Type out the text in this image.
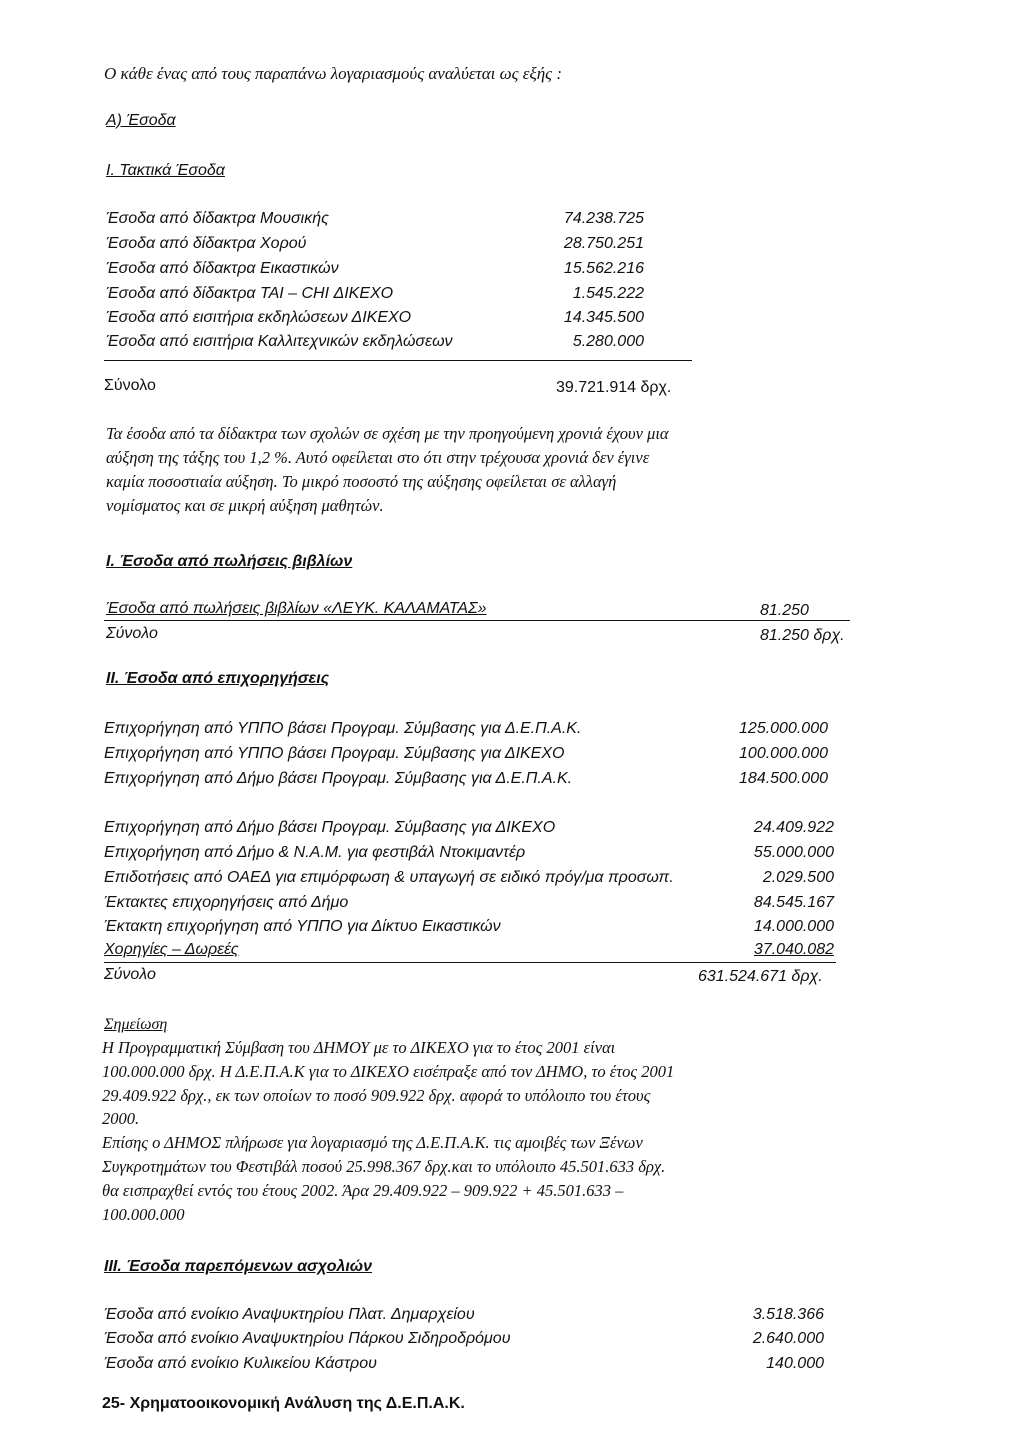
Ο κάθε ένας από τους παραπάνω λογαριασμούς αναλύεται ως εξής :
Α) Έσοδα
Ι. Τακτικά Έσοδα
Έσοδα από δίδακτρα Μουσικής	74.238.725
Έσοδα από δίδακτρα Χορού	28.750.251
Έσοδα από δίδακτρα Εικαστικών	15.562.216
Έσοδα από δίδακτρα ΤΑΙ – CHI ΔΙΚΕΧΟ	1.545.222
Έσοδα από εισιτήρια εκδηλώσεων ΔΙΚΕΧΟ	14.345.500
Έσοδα από εισιτήρια Καλλιτεχνικών εκδηλώσεων	5.280.000
Σύνολο	39.721.914 δρχ.
Τα έσοδα από τα δίδακτρα των σχολών σε σχέση με την προηγούμενη χρονιά έχουν μια
αύξηση της τάξης του 1,2 %. Αυτό οφείλεται στο ότι στην τρέχουσα χρονιά δεν έγινε
καμία ποσοστιαία αύξηση. Το μικρό ποσοστό της αύξησης οφείλεται σε αλλαγή
νομίσματος και σε μικρή αύξηση μαθητών.
Ι. Έσοδα από πωλήσεις βιβλίων
Έσοδα από πωλήσεις βιβλίων «ΛΕΥΚ. ΚΑΛΑΜΑΤΑΣ»	81.250
Σύνολο	81.250 δρχ.
ΙΙ. Έσοδα από επιχορηγήσεις
Επιχορήγηση από ΥΠΠΟ βάσει Προγραμ. Σύμβασης για Δ.Ε.Π.Α.Κ.	125.000.000
Επιχορήγηση από ΥΠΠΟ βάσει Προγραμ. Σύμβασης για ΔΙΚΕΧΟ	100.000.000
Επιχορήγηση από Δήμο βάσει Προγραμ. Σύμβασης για Δ.Ε.Π.Α.Κ.	184.500.000
Επιχορήγηση από Δήμο βάσει Προγραμ. Σύμβασης για ΔΙΚΕΧΟ	24.409.922
Επιχορήγηση από Δήμο & Ν.Α.Μ. για φεστιβάλ Ντοκιμαντέρ	55.000.000
Επιδοτήσεις από ΟΑΕΔ για επιμόρφωση & υπαγωγή σε ειδικό πρόγ/μα προσωπ.	2.029.500
Έκτακτες επιχορηγήσεις από Δήμο	84.545.167
Έκτακτη επιχορήγηση από ΥΠΠΟ για Δίκτυο Εικαστικών	14.000.000
Χορηγίες – Δωρεές	37.040.082
Σύνολο	631.524.671 δρχ.
Σημείωση
Η Προγραμματική Σύμβαση του ΔΗΜΟΥ με το ΔΙΚΕΧΟ για το έτος 2001 είναι
100.000.000 δρχ. Η Δ.Ε.Π.Α.Κ για το ΔΙΚΕΧΟ εισέπραξε από τον ΔΗΜΟ, το έτος 2001
29.409.922 δρχ., εκ των οποίων το ποσό 909.922 δρχ. αφορά το υπόλοιπο του έτους
2000.
Επίσης ο ΔΗΜΟΣ πλήρωσε για λογαριασμό της Δ.Ε.Π.Α.Κ. τις αμοιβές των Ξένων
Συγκροτημάτων του Φεστιβάλ ποσού 25.998.367 δρχ.και το υπόλοιπο 45.501.633 δρχ.
θα εισπραχθεί εντός του έτους 2002. Άρα 29.409.922 – 909.922 + 45.501.633 –
100.000.000
ΙΙΙ. Έσοδα παρεπόμενων ασχολιών
Έσοδα από ενοίκιο Αναψυκτηρίου Πλατ. Δημαρχείου	3.518.366
Έσοδα από ενοίκιο Αναψυκτηρίου Πάρκου Σιδηροδρόμου	2.640.000
Έσοδα από ενοίκιο Κυλικείου Κάστρου	140.000
25- Χρηματοοικονομική Ανάλυση της Δ.Ε.Π.Α.Κ.
